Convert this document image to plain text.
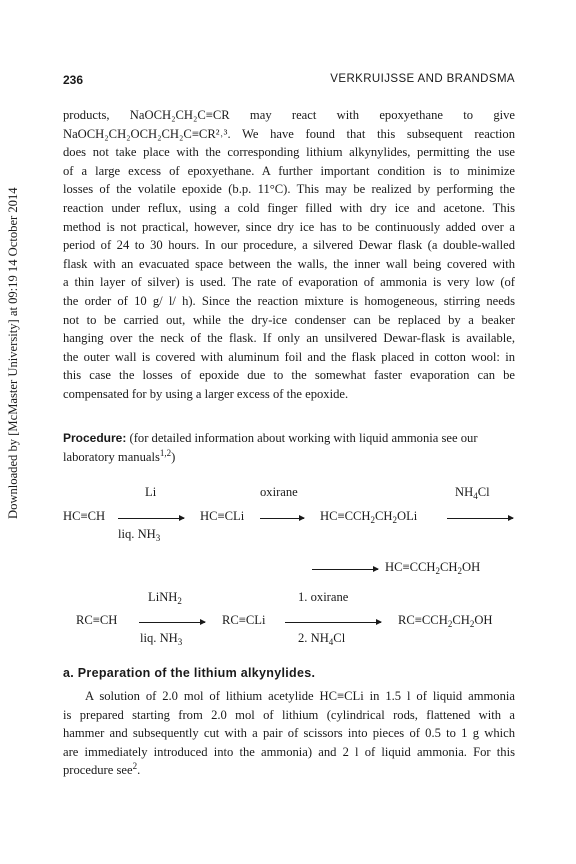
Downloaded by [McMaster University] at 09:19 14 October 2014
236	VERKRUIJSSE AND BRANDSMA
products, NaOCH₂CH₂C≡CR may react with epoxyethane to give
NaOCH₂CH₂OCH₂CH₂C≡CR²˒³. We have found that this subsequent reaction
does not take place with the corresponding lithium alkynylides, permitting the use
of a large excess of epoxyethane. A further important condition is to minimize
losses of the volatile epoxide (b.p. 11°C). This may be realized by performing the
reaction under reflux, using a cold finger filled with dry ice and acetone. This
method is not practical, however, since dry ice has to be continuously added over a
period of 24 to 30 hours. In our procedure, a silvered Dewar flask (a double-walled
flask with an evacuated space between the walls, the inner wall being covered with
a thin layer of silver) is used. The rate of evaporation of ammonia is very low (of
the order of 10 g/ l/ h). Since the reaction mixture is homogeneous, stirring needs
not to be carried out, while the dry-ice condenser can be replaced by a beaker
hanging over the neck of the flask. If only an unsilvered Dewar-flask is available,
the outer wall is covered with aluminum foil and the flask placed in cotton wool: in
this case the losses of epoxide due to the somewhat faster evaporation can be
compensated for by using a larger excess of the epoxide.
Procedure: (for detailed information about working with liquid ammonia see our
laboratory manuals$^{1,2}$)
HC≡CH
Li
liq. $NH_3$
HC≡CLi
oxirane
$HC\equiv CCH_2CH_2OLi$
$NH_4Cl$
$HC\equiv CCH_2CH_2OH$
RC≡CH
LiNH$_2$
liq. $NH_3$
RC≡CLi
1. oxirane
2. $NH_4Cl$
$RC\equiv CCH_2CH_2OH$
a. Preparation of the lithium alkynylides.
A solution of 2.0 mol of lithium acetylide HC≡CLi in 1.5 l of liquid ammonia
is prepared starting from 2.0 mol of lithium (cylindrical rods, flattened with a
hammer and subsequently cut with a pair of scissors into pieces of 0.5 to 1 g which
are immediately introduced into the ammonia) and 2 l of liquid ammonia. For this
procedure see$^2$.
